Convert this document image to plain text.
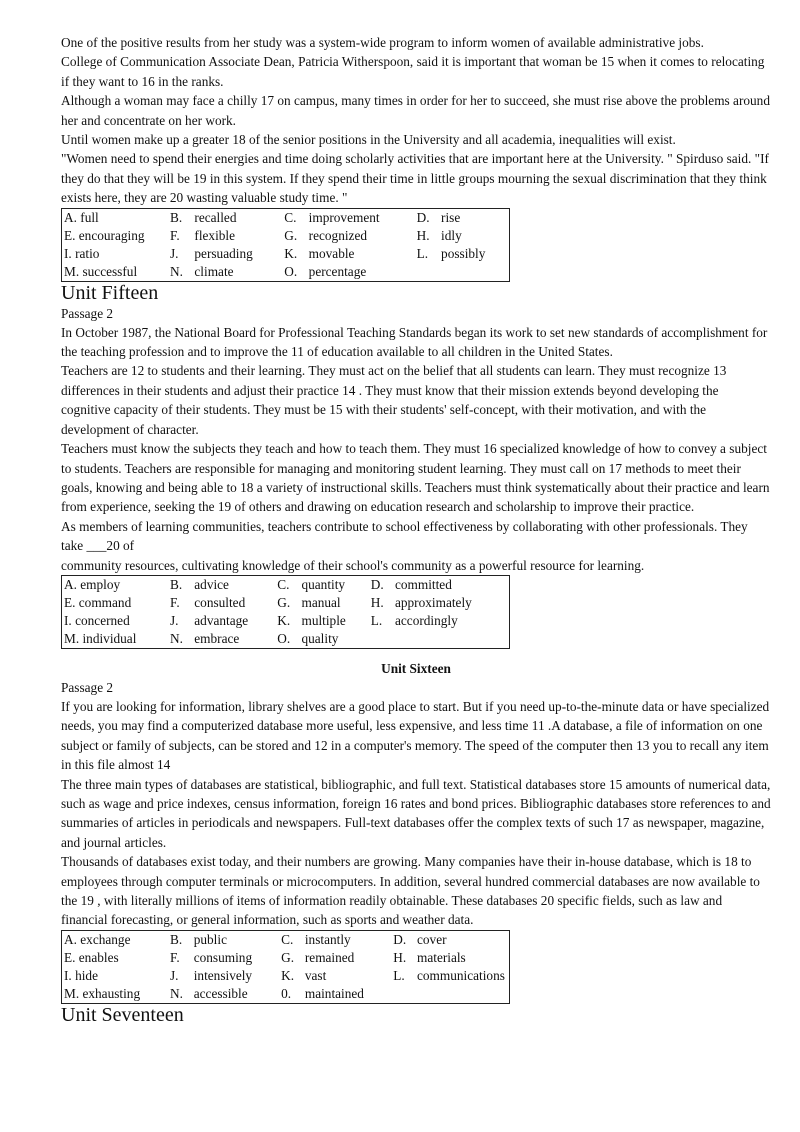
One of the positive results from her study was a system-wide program to inform women of available administrative jobs.

College of Communication Associate Dean, Patricia Witherspoon, said it is important that woman be 15 when it comes to relocating if they want to 16 in the ranks.

Although a woman may face a chilly 17 on campus, many times in order for her to succeed, she must rise above the problems around her and concentrate on her work.

Until women make up a greater 18 of the senior positions in the University and all academia, inequalities will exist.

"Women need to spend their energies and time doing scholarly activities that are important here at the University. " Spirduso said. "If they do that they will be 19 in this system. If they spend their time in little groups mourning the sexual discrimination that they think exists here, they are 20 wasting valuable study time. "

A. full	B.	recalled	C.	improvement	D.	rise
E. encouraging	F.	flexible	G.	recognized	H.	idly
I. ratio	J.	persuading	K.	movable	L.	possibly
M. successful	N.	climate	O.	percentage		

Unit Fifteen

Passage 2

In October 1987, the National Board for Professional Teaching Standards began its work to set new standards of accomplishment for the teaching profession and to improve the 11 of education available to all children in the United States.

Teachers are 12 to students and their learning. They must act on the belief that all students can learn. They must recognize 13 differences in their students and adjust their practice 14 . They must know that their mission extends beyond developing the cognitive capacity of their students. They must be 15 with their students' self-concept, with their motivation, and with the development of character.

Teachers must know the subjects they teach and how to teach them. They must 16 specialized knowledge of how to convey a subject to students. Teachers are responsible for managing and monitoring student learning. They must call on 17 methods to meet their goals, knowing and being able to 18 a variety of instructional skills. Teachers must think systematically about their practice and learn from experience, seeking the 19 of others and drawing on education research and scholarship to improve their practice.

As members of learning communities, teachers contribute to school effectiveness by collaborating with other professionals. They take ___20 of

community resources, cultivating knowledge of their school's community as a powerful resource for learning.

A. employ	B.	advice	C.	quantity	D.	committed
E. command	F.	consulted	G.	manual	H.	approximately
I. concerned	J.	advantage	K.	multiple	L.	accordingly
M. individual	N.	embrace	O.	quality		

Unit Sixteen

Passage 2

If you are looking for information, library shelves are a good place to start. But if you need up-to-the-minute data or have specialized needs, you may find a computerized database more useful, less expensive, and less time 11 .A database, a file of information on one subject or family of subjects, can be stored and 12 in a computer's memory. The speed of the computer then 13 you to recall any item in this file almost 14

The three main types of databases are statistical, bibliographic, and full text. Statistical databases store 15 amounts of numerical data, such as wage and price indexes, census information, foreign 16 rates and bond prices. Bibliographic databases store references to and summaries of articles in periodicals and newspapers. Full-text databases offer the complex texts of such 17 as newspaper, magazine, and journal articles.

Thousands of databases exist today, and their numbers are growing. Many companies have their in-house database, which is 18 to employees through computer terminals or microcomputers. In addition, several hundred commercial databases are now available to the 19 , with literally millions of items of information readily obtainable. These databases 20 specific fields, such as law and financial forecasting, or general information, such as sports and weather data.

A. exchange	B.	public	C.	instantly	D.	cover
E. enables	F.	consuming	G.	remained	H.	materials
I. hide	J.	intensively	K.	vast	L.	communications
M. exhausting	N.	accessible	0.	maintained		

Unit Seventeen
